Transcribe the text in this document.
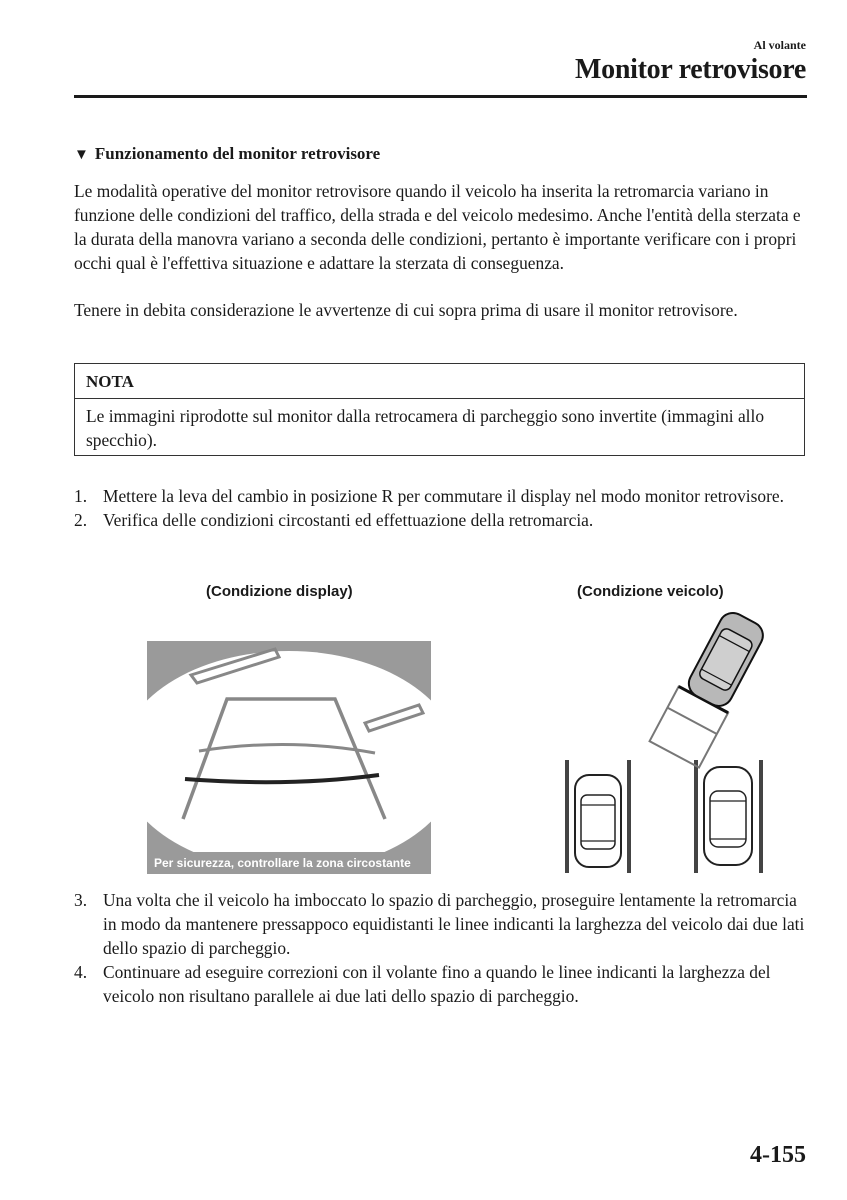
Al volante
Monitor retrovisore
▼ Funzionamento del monitor retrovisore
Le modalità operative del monitor retrovisore quando il veicolo ha inserita la retromarcia variano in funzione delle condizioni del traffico, della strada e del veicolo medesimo. Anche l'entità della sterzata e la durata della manovra variano a seconda delle condizioni, pertanto è importante verificare con i propri occhi qual è l'effettiva situazione e adattare la sterzata di conseguenza.
Tenere in debita considerazione le avvertenze di cui sopra prima di usare il monitor retrovisore.
NOTA
Le immagini riprodotte sul monitor dalla retrocamera di parcheggio sono invertite (immagini allo specchio).
1. Mettere la leva del cambio in posizione R per commutare il display nel modo monitor retrovisore.
2. Verifica delle condizioni circostanti ed effettuazione della retromarcia.
(Condizione display)	(Condizione veicolo)
Per sicurezza, controllare la zona circostante
3. Una volta che il veicolo ha imboccato lo spazio di parcheggio, proseguire lentamente la retromarcia in modo da mantenere pressappoco equidistanti le linee indicanti la larghezza del veicolo dai due lati dello spazio di parcheggio.
4. Continuare ad eseguire correzioni con il volante fino a quando le linee indicanti la larghezza del veicolo non risultano parallele ai due lati dello spazio di parcheggio.
4-155
